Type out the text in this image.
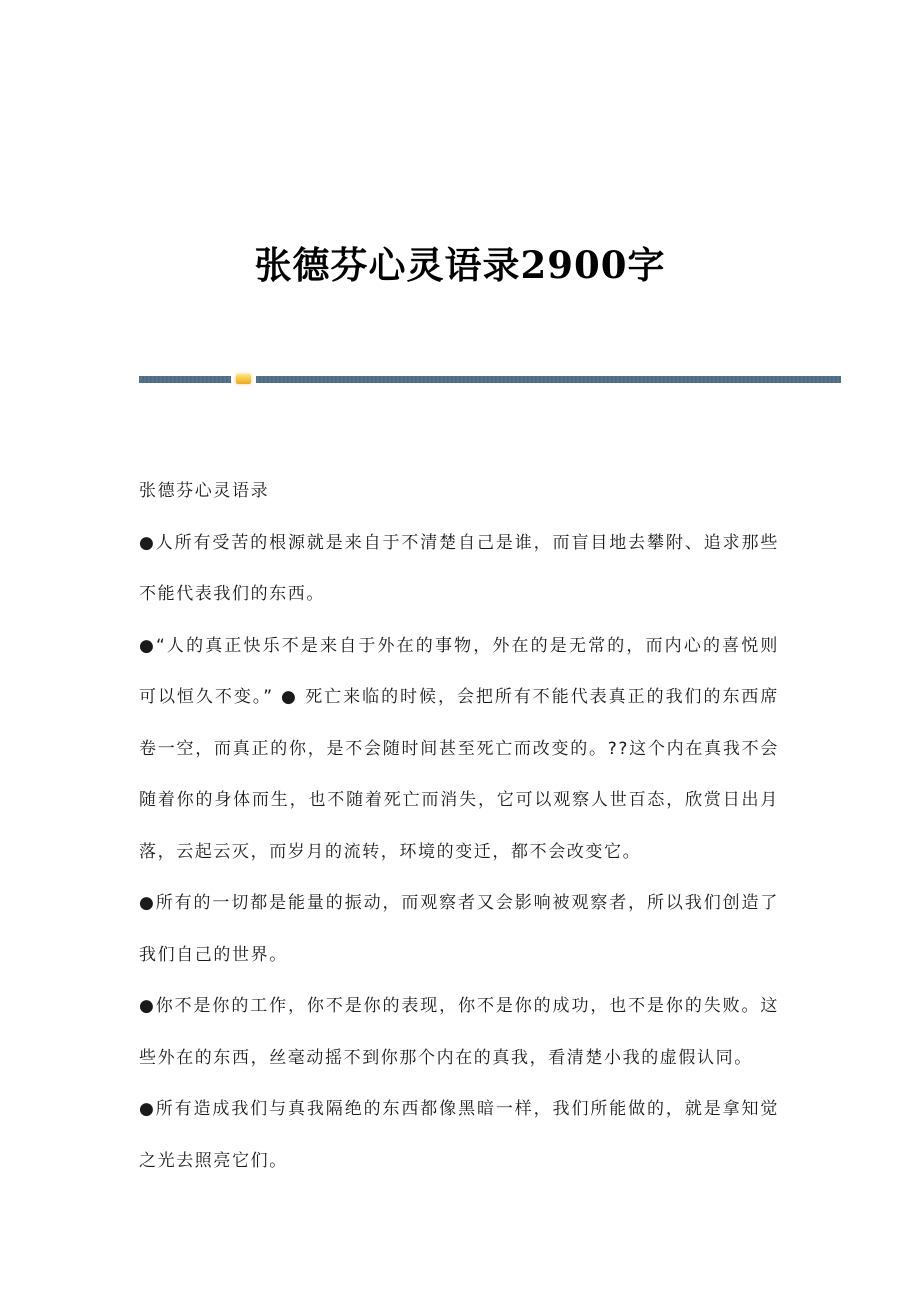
张德芬心灵语录2900字

张德芬心灵语录

●人所有受苦的根源就是来自于不清楚自己是谁，而盲目地去攀附、追求那些不能代表我们的东西。

●“人的真正快乐不是来自于外在的事物，外在的是无常的，而内心的喜悦则可以恒久不变。” ● 死亡来临的时候，会把所有不能代表真正的我们的东西席卷一空，而真正的你，是不会随时间甚至死亡而改变的。??这个内在真我不会随着你的身体而生，也不随着死亡而消失，它可以观察人世百态，欣赏日出月落，云起云灭，而岁月的流转，环境的变迁，都不会改变它。

●所有的一切都是能量的振动，而观察者又会影响被观察者，所以我们创造了我们自己的世界。

●你不是你的工作，你不是你的表现，你不是你的成功，也不是你的失败。这些外在的东西，丝毫动摇不到你那个内在的真我，看清楚小我的虚假认同。

●所有造成我们与真我隔绝的东西都像黑暗一样，我们所能做的，就是拿知觉之光去照亮它们。
